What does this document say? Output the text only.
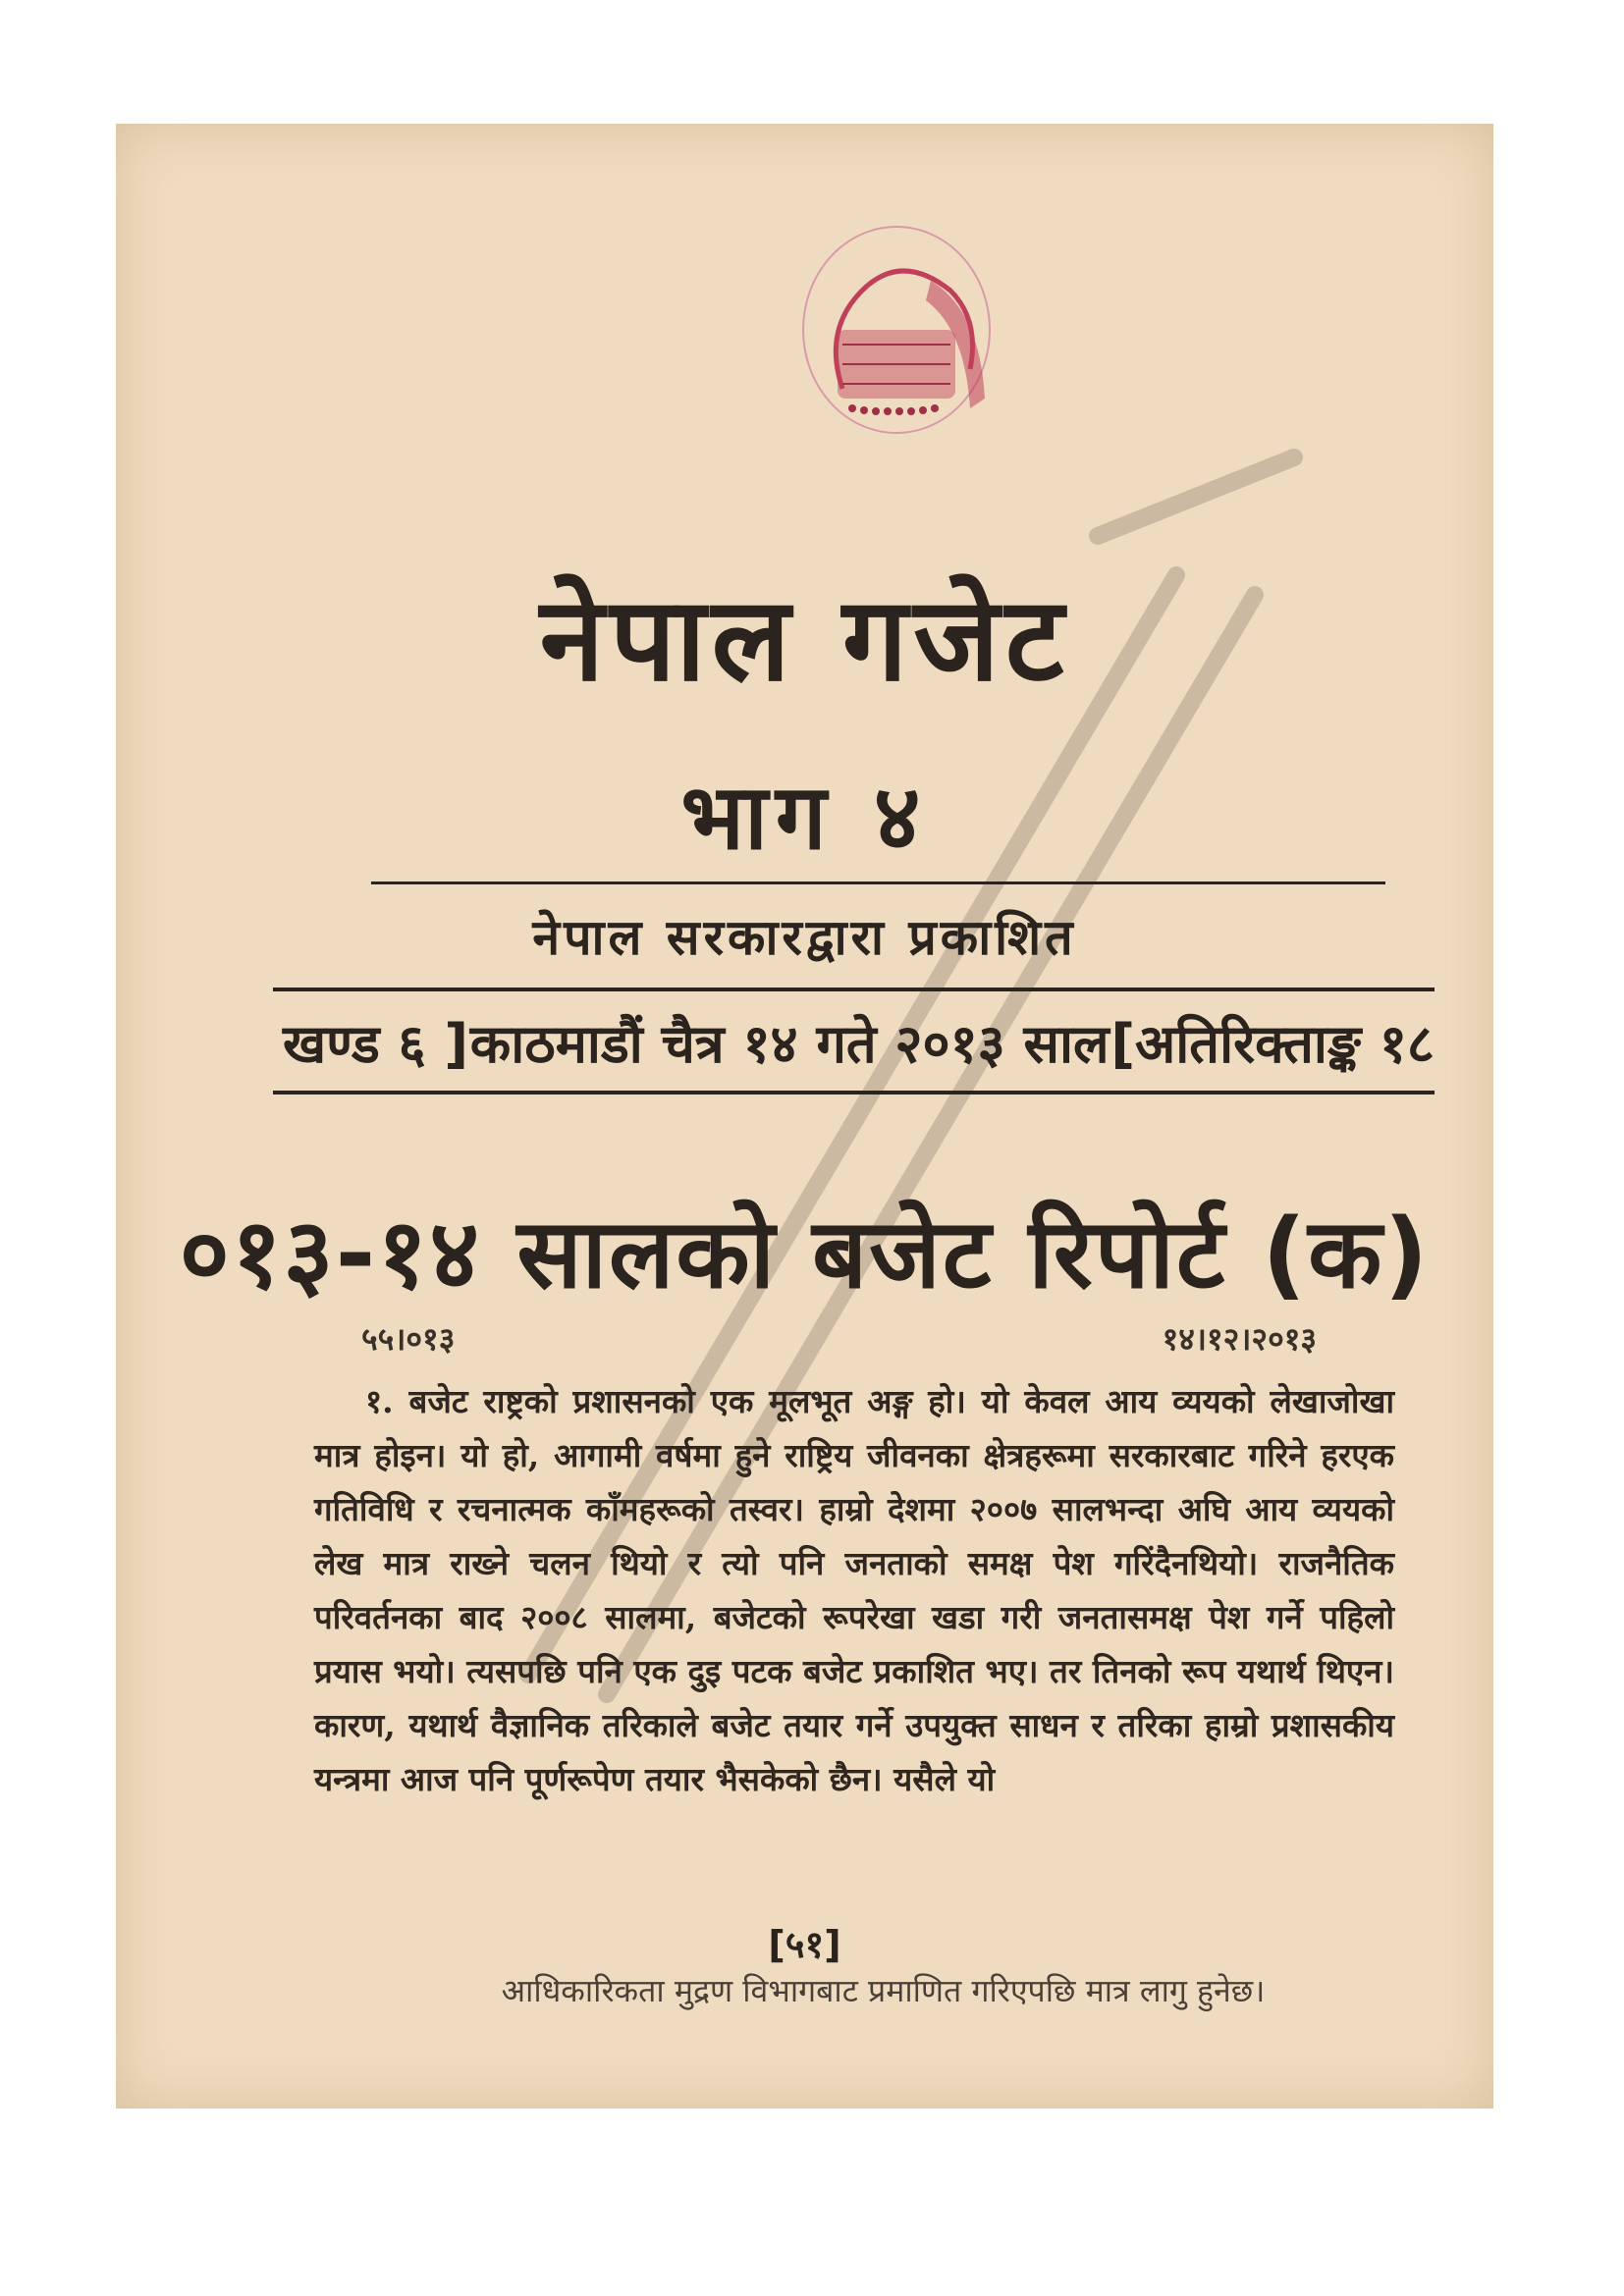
नेपाल गजेट
भाग ४
नेपाल सरकारद्वारा प्रकाशित
खण्ड ६ ] काठमाडौं चैत्र १४ गते २०१३ साल [अतिरिक्ताङ्क १८
०१३-१४ सालको बजेट रिपोर्ट (क)
५५।०१३	१४।१२।२०१३

१. बजेट राष्ट्रको प्रशासनको एक मूलभूत अङ्ग हो। यो केवल आय व्ययको लेखाजोखा मात्र होइन। यो हो, आगामी वर्षमा हुने राष्ट्रिय जीवनका क्षेत्रहरूमा सरकारबाट गरिने हरएक गतिविधि र रचनात्मक काँमहरूको तस्वर। हाम्रो देशमा २००७ सालभन्दा अघि आय व्ययको लेख मात्र राख्ने चलन थियो र त्यो पनि जनताको समक्ष पेश गरिंदैनथियो। राजनैतिक परिवर्तनका बाद २००८ सालमा, बजेटको रूपरेखा खडा गरी जनतासमक्ष पेश गर्ने पहिलो प्रयास भयो। त्यसपछि पनि एक दुइ पटक बजेट प्रकाशित भए। तर तिनको रूप यथार्थ थिएन। कारण, यथार्थ वैज्ञानिक तरिकाले बजेट तयार गर्ने उपयुक्त साधन र तरिका हाम्रो प्रशासकीय यन्त्रमा आज पनि पूर्णरूपेण तयार भैसकेको छैन। यसैले यो

[५१]
आधिकारिकता मुद्रण विभागबाट प्रमाणित गरिएपछि मात्र लागु हुनेछ।
